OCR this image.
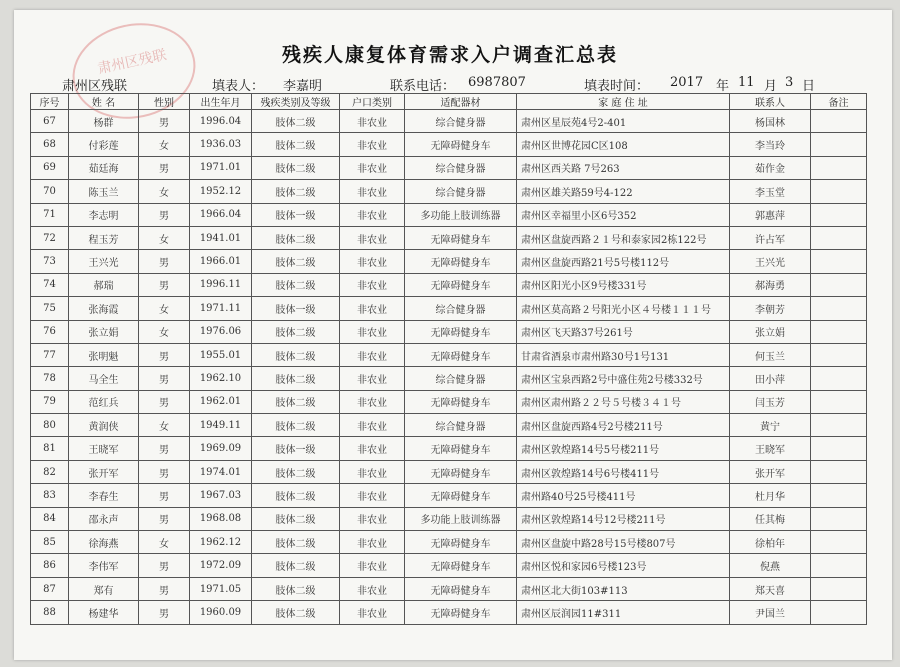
肃州区残联	残疾人康复体育需求入户调查汇总表
肃州区残联	填表人： 李嘉明	联系电话： 6987807	填表时间： 2017 年 11 月 3 日
序号	姓 名	性别	出生年月	残疾类别及等级	户口类别	适配器材	家 庭 住 址	联系人	备注
67	杨群	男	1996.04	肢体二级	非农业	综合健身器	肃州区星辰苑4号2-401	杨国林	
68	付彩莲	女	1936.03	肢体二级	非农业	无障碍健身车	肃州区世博花园C区108	李当玲	
69	茹廷海	男	1971.01	肢体二级	非农业	综合健身器	肃州区西关路 7号263	茹作金	
70	陈玉兰	女	1952.12	肢体二级	非农业	综合健身器	肃州区雄关路59号4-122	李玉堂	
71	李志明	男	1966.04	肢体一级	非农业	多功能上肢训练器	肃州区幸福里小区6号352	郭惠萍	
72	程玉芳	女	1941.01	肢体二级	非农业	无障碍健身车	肃州区盘旋西路２１号和泰家园2栋122号	许占军	
73	王兴光	男	1966.01	肢体二级	非农业	无障碍健身车	肃州区盘旋西路21号5号楼112号	王兴光	
74	郝瑞	男	1996.11	肢体二级	非农业	无障碍健身车	肃州区阳光小区9号楼331号	郝海勇	
75	张海霞	女	1971.11	肢体一级	非农业	综合健身器	肃州区莫高路２号阳光小区４号楼１１１号	李朝芳	
76	张立娟	女	1976.06	肢体二级	非农业	无障碍健身车	肃州区飞天路37号261号	张立娟	
77	张明魁	男	1955.01	肢体二级	非农业	无障碍健身车	甘肃省酒泉市肃州路30号1号131	何玉兰	
78	马全生	男	1962.10	肢体二级	非农业	综合健身器	肃州区宝泉西路2号中盛住苑2号楼332号	田小萍	
79	范红兵	男	1962.01	肢体二级	非农业	无障碍健身车	肃州区肃州路２２号５号楼３４１号	闫玉芳	
80	黄润侠	女	1949.11	肢体二级	非农业	综合健身器	肃州区盘旋西路4号2号楼211号	黄宁	
81	王晓军	男	1969.09	肢体一级	非农业	无障碍健身车	肃州区敦煌路14号5号楼211号	王晓军	
82	张开军	男	1974.01	肢体二级	非农业	无障碍健身车	肃州区敦煌路14号6号楼411号	张开军	
83	李春生	男	1967.03	肢体二级	非农业	无障碍健身车	肃州路40号25号楼411号	杜月华	
84	邵永声	男	1968.08	肢体二级	非农业	多功能上肢训练器	肃州区敦煌路14号12号楼211号	任其梅	
85	徐海燕	女	1962.12	肢体二级	非农业	无障碍健身车	肃州区盘旋中路28号15号楼807号	徐柏年	
86	李伟军	男	1972.09	肢体二级	非农业	无障碍健身车	肃州区悦和家园6号楼123号	倪燕	
87	郑有	男	1971.05	肢体二级	非农业	无障碍健身车	肃州区北大街103#113	郑天喜	
88	杨建华	男	1960.09	肢体二级	非农业	无障碍健身车	肃州区辰润园11#311	尹国兰	
